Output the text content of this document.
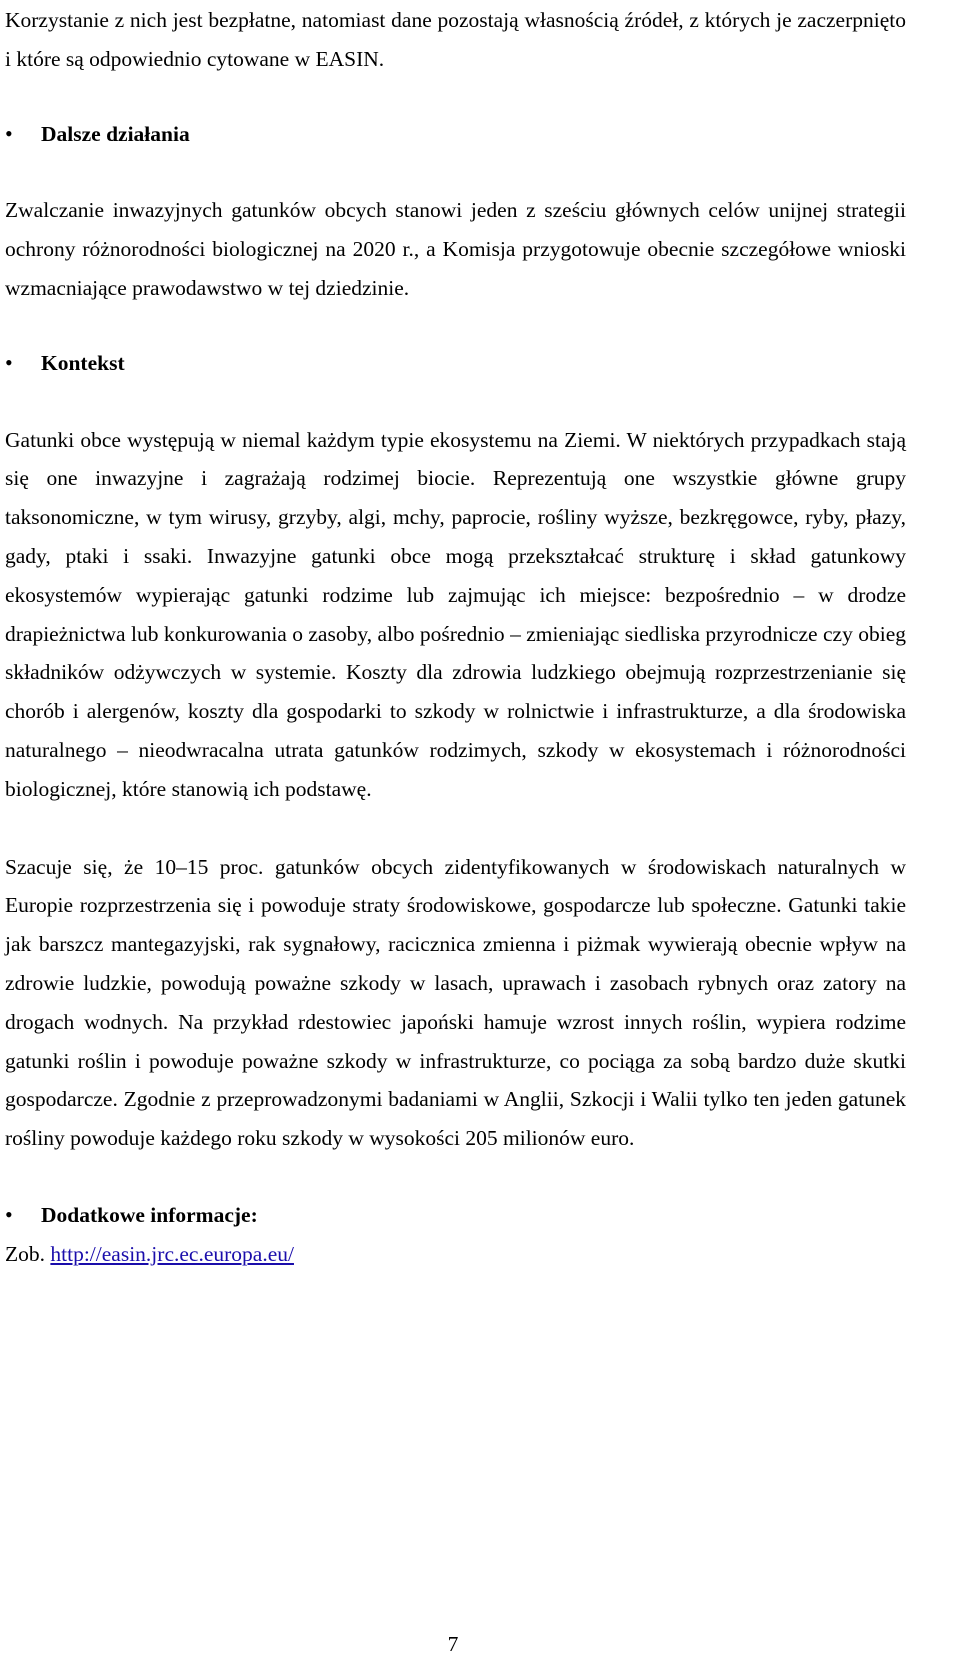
Korzystanie z nich jest bezpłatne, natomiast dane pozostają własnością źródeł, z których je zaczerpnięto i które są odpowiednio cytowane w EASIN.

•	Dalsze działania

Zwalczanie inwazyjnych gatunków obcych stanowi jeden z sześciu głównych celów unijnej strategii ochrony różnorodności biologicznej na 2020 r., a Komisja przygotowuje obecnie szczegółowe wnioski wzmacniające prawodawstwo w tej dziedzinie.

•	Kontekst

Gatunki obce występują w niemal każdym typie ekosystemu na Ziemi. W niektórych przypadkach stają się one inwazyjne i zagrażają rodzimej biocie. Reprezentują one wszystkie główne grupy taksonomiczne, w tym wirusy, grzyby, algi, mchy, paprocie, rośliny wyższe, bezkręgowce, ryby, płazy, gady, ptaki i ssaki. Inwazyjne gatunki obce mogą przekształcać strukturę i skład gatunkowy ekosystemów wypierając gatunki rodzime lub zajmując ich miejsce: bezpośrednio – w drodze drapieżnictwa lub konkurowania o zasoby, albo pośrednio – zmieniając siedliska przyrodnicze czy obieg składników odżywczych w systemie. Koszty dla zdrowia ludzkiego obejmują rozprzestrzenianie się chorób i alergenów, koszty dla gospodarki to szkody w rolnictwie i infrastrukturze, a dla środowiska naturalnego – nieodwracalna utrata gatunków rodzimych, szkody w ekosystemach i różnorodności biologicznej, które stanowią ich podstawę.

Szacuje się, że 10–15 proc. gatunków obcych zidentyfikowanych w środowiskach naturalnych w Europie rozprzestrzenia się i powoduje straty środowiskowe, gospodarcze lub społeczne. Gatunki takie jak barszcz mantegazyjski, rak sygnałowy, racicznica zmienna i piżmak wywierają obecnie wpływ na zdrowie ludzkie, powodują poważne szkody w lasach, uprawach i zasobach rybnych oraz zatory na drogach wodnych. Na przykład rdestowiec japoński hamuje wzrost innych roślin, wypiera rodzime gatunki roślin i powoduje poważne szkody w infrastrukturze, co pociąga za sobą bardzo duże skutki gospodarcze. Zgodnie z przeprowadzonymi badaniami w Anglii, Szkocji i Walii tylko ten jeden gatunek rośliny powoduje każdego roku szkody w wysokości 205 milionów euro.

•	Dodatkowe informacje:
Zob. http://easin.jrc.ec.europa.eu/
7
